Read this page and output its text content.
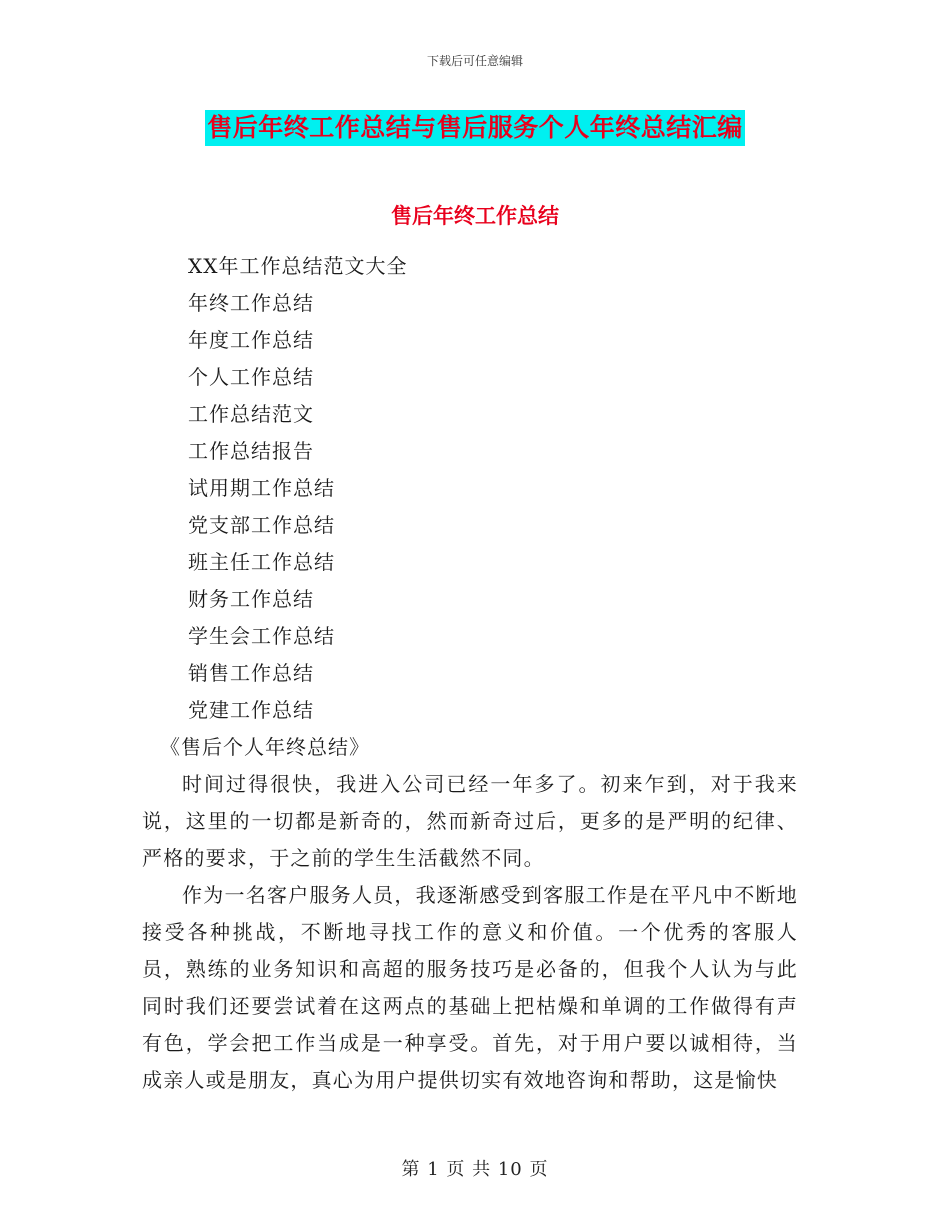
下载后可任意编辑
售后年终工作总结与售后服务个人年终总结汇编
售后年终工作总结
XX年工作总结范文大全
年终工作总结
年度工作总结
个人工作总结
工作总结范文
工作总结报告
试用期工作总结
党支部工作总结
班主任工作总结
财务工作总结
学生会工作总结
销售工作总结
党建工作总结
《售后个人年终总结》

时间过得很快，我进入公司已经一年多了。初来乍到，对于我来说，这里的一切都是新奇的，然而新奇过后，更多的是严明的纪律、严格的要求，于之前的学生生活截然不同。

作为一名客户服务人员，我逐渐感受到客服工作是在平凡中不断地接受各种挑战，不断地寻找工作的意义和价值。一个优秀的客服人员，熟练的业务知识和高超的服务技巧是必备的，但我个人认为与此同时我们还要尝试着在这两点的基础上把枯燥和单调的工作做得有声有色，学会把工作当成是一种享受。首先，对于用户要以诚相待，当成亲人或是朋友，真心为用户提供切实有效地咨询和帮助，这是愉快

第 1 页 共 10 页
